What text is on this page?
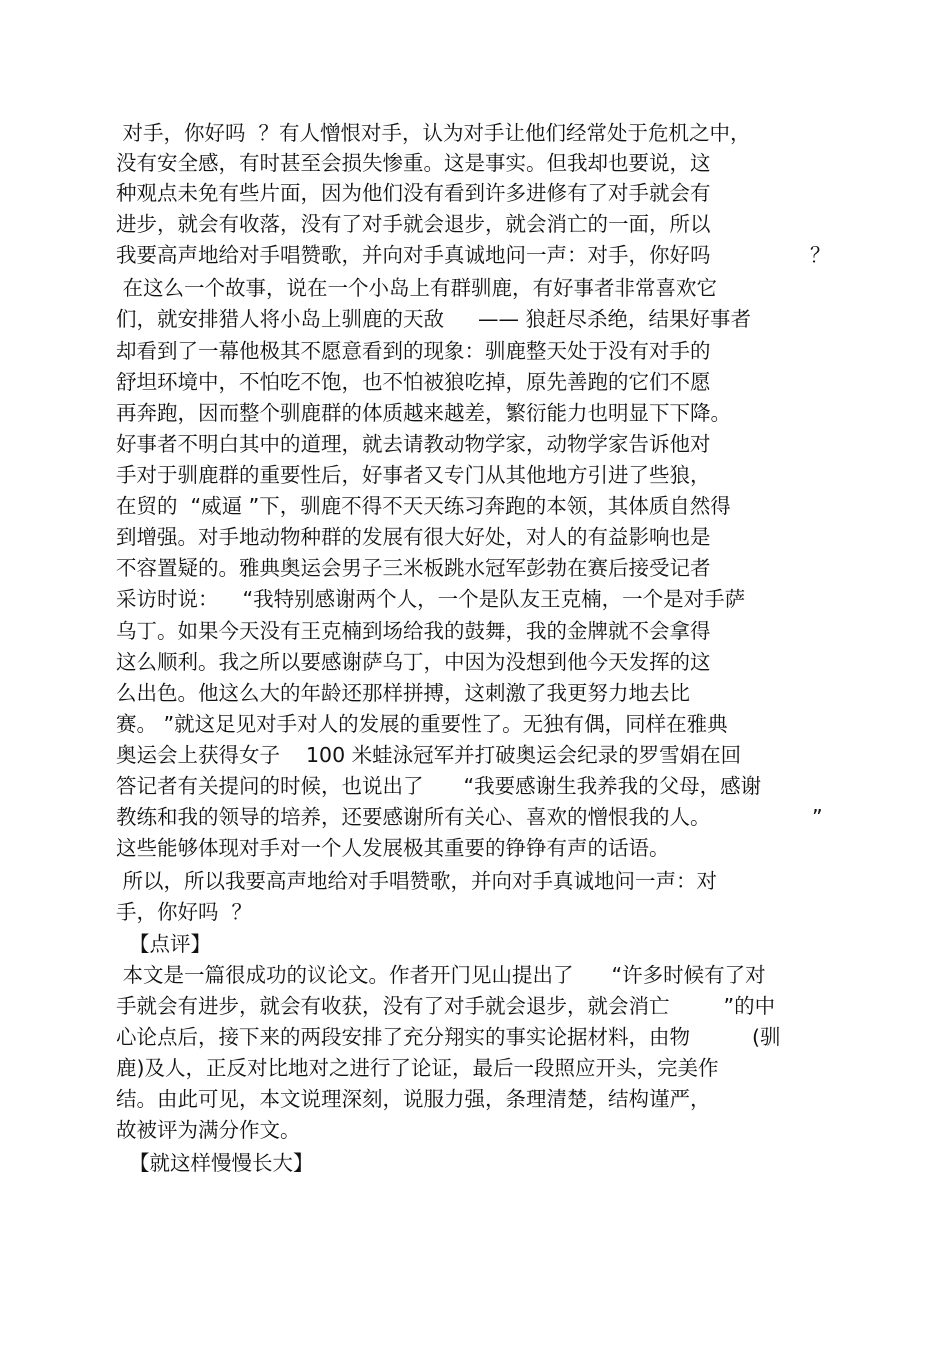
对手，你好吗  ？有人憎恨对手，认为对手让他们经常处于危机之中，
没有安全感，有时甚至会损失惨重。这是事实。但我却也要说，这
种观点未免有些片面，因为他们没有看到许多进修有了对手就会有
进步，就会有收落，没有了对手就会退步，就会消亡的一面，所以
我要高声地给对手唱赞歌，并向对手真诚地问一声：对手，你好吗	？
在这么一个故事，说在一个小岛上有群驯鹿，有好事者非常喜欢它
们，就安排猎人将小岛上驯鹿的天敌 —— 狼赶尽杀绝，结果好事者
却看到了一幕他极其不愿意看到的现象：驯鹿整天处于没有对手的
舒坦环境中，不怕吃不饱，也不怕被狼吃掉，原先善跑的它们不愿
再奔跑，因而整个驯鹿群的体质越来越差，繁衍能力也明显下下降。
好事者不明白其中的道理，就去请教动物学家，动物学家告诉他对
手对于驯鹿群的重要性后，好事者又专门从其他地方引进了些狼，
在贸的  “威逼 ”下，驯鹿不得不天天练习奔跑的本领，其体质自然得
到增强。对手地动物种群的发展有很大好处，对人的有益影响也是
不容置疑的。雅典奥运会男子三米板跳水冠军彭勃在赛后接受记者
采访时说： “我特别感谢两个人，一个是队友王克楠，一个是对手萨
乌丁。如果今天没有王克楠到场给我的鼓舞，我的金牌就不会拿得
这么顺利。我之所以要感谢萨乌丁，中因为没想到他今天发挥的这
么出色。他这么大的年龄还那样拼搏，这刺激了我更努力地去比
赛。 ”就这足见对手对人的发展的重要性了。无独有偶，同样在雅典
奥运会上获得女子 100 米蛙泳冠军并打破奥运会纪录的罗雪娟在回
答记者有关提问的时候，也说出了 “我要感谢生我养我的父母，感谢
教练和我的领导的培养，还要感谢所有关心、喜欢的憎恨我的人。	”
这些能够体现对手对一个人发展极其重要的铮铮有声的话语。
所以，所以我要高声地给对手唱赞歌，并向对手真诚地问一声：对
手，你好吗  ？
【点评】
本文是一篇很成功的议论文。作者开门见山提出了 “许多时候有了对
手就会有进步，就会有收获，没有了对手就会退步，就会消亡	”的中
心论点后，接下来的两段安排了充分翔实的事实论据材料，由物	(驯
鹿)及人，正反对比地对之进行了论证，最后一段照应开头，完美作
结。由此可见，本文说理深刻，说服力强，条理清楚，结构谨严，
故被评为满分作文。
【就这样慢慢长大】
